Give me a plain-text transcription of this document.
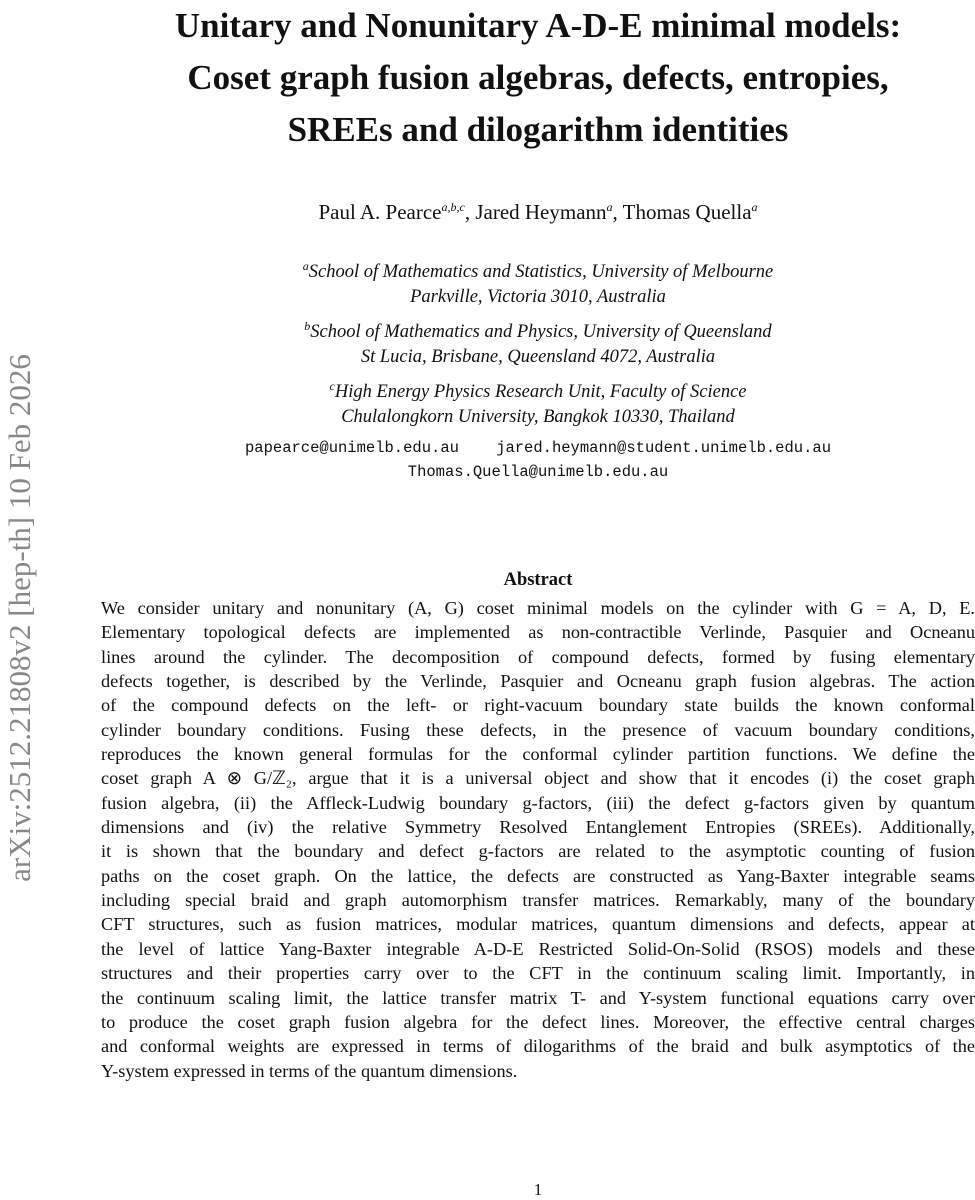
arXiv:2512.21808v2 [hep-th] 10 Feb 2026
Unitary and Nonunitary A-D-E minimal models:
Coset graph fusion algebras, defects, entropies,
SREEs and dilogarithm identities
Paul A. Pearce$^{a,b,c}$, Jared Heymann$^a$, Thomas Quella$^a$
$^a$School of Mathematics and Statistics, University of Melbourne
Parkville, Victoria 3010, Australia
$^b$School of Mathematics and Physics, University of Queensland
St Lucia, Brisbane, Queensland 4072, Australia
$^c$High Energy Physics Research Unit, Faculty of Science
Chulalongkorn University, Bangkok 10330, Thailand
papearce@unimelb.edu.au jared.heymann@student.unimelb.edu.au
Thomas.Quella@unimelb.edu.au
Abstract
We consider unitary and nonunitary (A, G) coset minimal models on the cylinder with G = A, D, E.
Elementary topological defects are implemented as non-contractible Verlinde, Pasquier and Ocneanu
lines around the cylinder. The decomposition of compound defects, formed by fusing elementary
defects together, is described by the Verlinde, Pasquier and Ocneanu graph fusion algebras. The action
of the compound defects on the left- or right-vacuum boundary state builds the known conformal
cylinder boundary conditions. Fusing these defects, in the presence of vacuum boundary conditions,
reproduces the known general formulas for the conformal cylinder partition functions. We define the
coset graph A ⊗ G/ℤ₂, argue that it is a universal object and show that it encodes (i) the coset graph
fusion algebra, (ii) the Affleck-Ludwig boundary g-factors, (iii) the defect g-factors given by quantum
dimensions and (iv) the relative Symmetry Resolved Entanglement Entropies (SREEs). Additionally,
it is shown that the boundary and defect g-factors are related to the asymptotic counting of fusion
paths on the coset graph. On the lattice, the defects are constructed as Yang-Baxter integrable seams
including special braid and graph automorphism transfer matrices. Remarkably, many of the boundary
CFT structures, such as fusion matrices, modular matrices, quantum dimensions and defects, appear at
the level of lattice Yang-Baxter integrable A-D-E Restricted Solid-On-Solid (RSOS) models and these
structures and their properties carry over to the CFT in the continuum scaling limit. Importantly, in
the continuum scaling limit, the lattice transfer matrix T- and Y-system functional equations carry over
to produce the coset graph fusion algebra for the defect lines. Moreover, the effective central charges
and conformal weights are expressed in terms of dilogarithms of the braid and bulk asymptotics of the
Y-system expressed in terms of the quantum dimensions.
1
